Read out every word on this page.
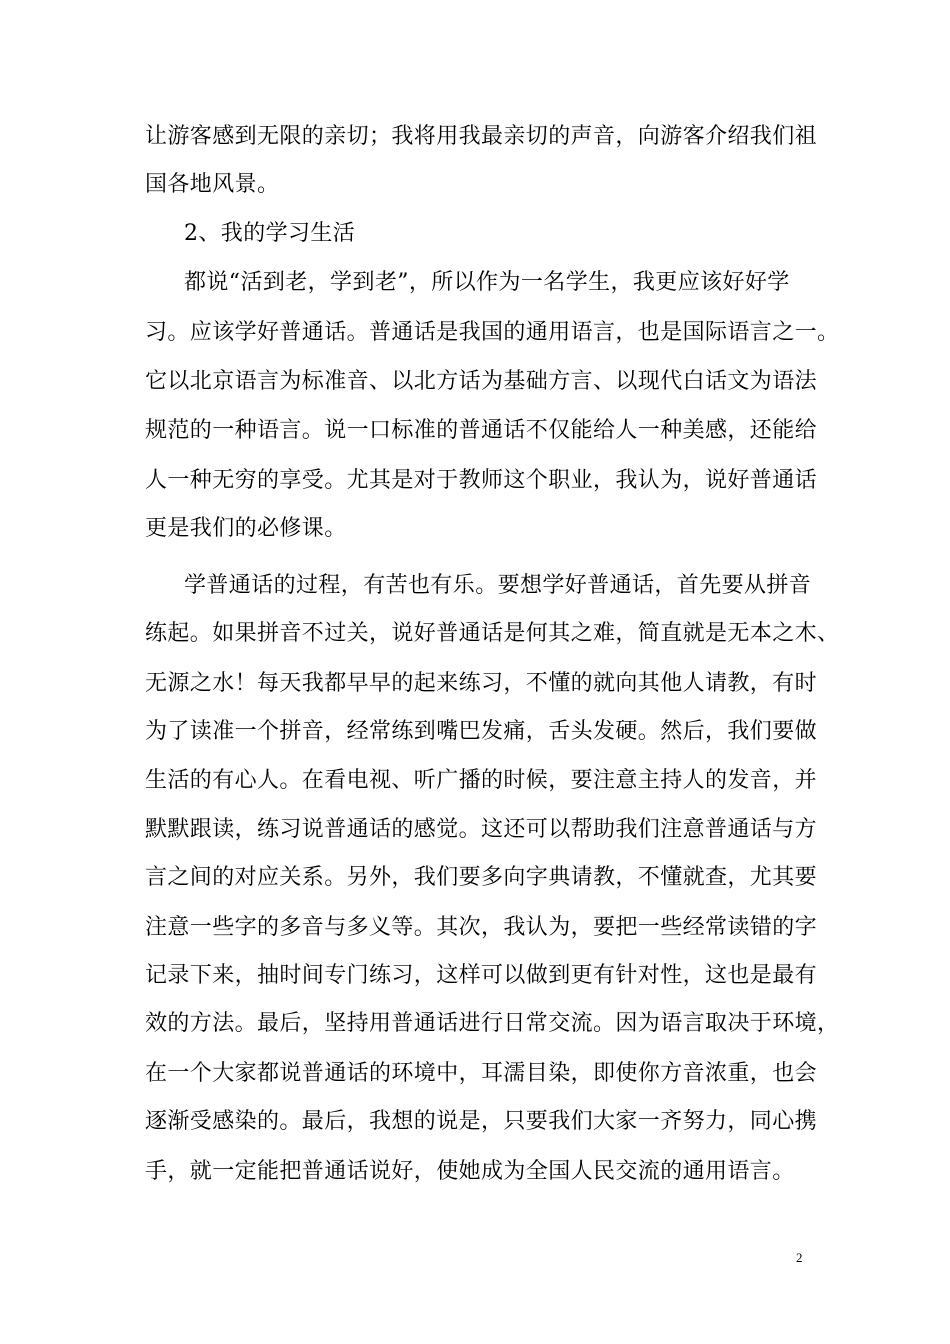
让游客感到无限的亲切；我将用我最亲切的声音，向游客介绍我们祖
国各地风景。
2、我的学习生活
都说“活到老，学到老”，所以作为一名学生，我更应该好好学
习。应该学好普通话。普通话是我国的通用语言，也是国际语言之一。
它以北京语言为标准音、以北方话为基础方言、以现代白话文为语法
规范的一种语言。说一口标准的普通话不仅能给人一种美感，还能给
人一种无穷的享受。尤其是对于教师这个职业，我认为，说好普通话
更是我们的必修课。
学普通话的过程，有苦也有乐。要想学好普通话，首先要从拼音
练起。如果拼音不过关，说好普通话是何其之难，简直就是无本之木、
无源之水！每天我都早早的起来练习，不懂的就向其他人请教，有时
为了读准一个拼音，经常练到嘴巴发痛，舌头发硬。然后，我们要做
生活的有心人。在看电视、听广播的时候，要注意主持人的发音，并
默默跟读，练习说普通话的感觉。这还可以帮助我们注意普通话与方
言之间的对应关系。另外，我们要多向字典请教，不懂就查，尤其要
注意一些字的多音与多义等。其次，我认为，要把一些经常读错的字
记录下来，抽时间专门练习，这样可以做到更有针对性，这也是最有
效的方法。最后，坚持用普通话进行日常交流。因为语言取决于环境，
在一个大家都说普通话的环境中，耳濡目染，即使你方音浓重，也会
逐渐受感染的。最后，我想的说是，只要我们大家一齐努力，同心携
手，就一定能把普通话说好，使她成为全国人民交流的通用语言。
2
